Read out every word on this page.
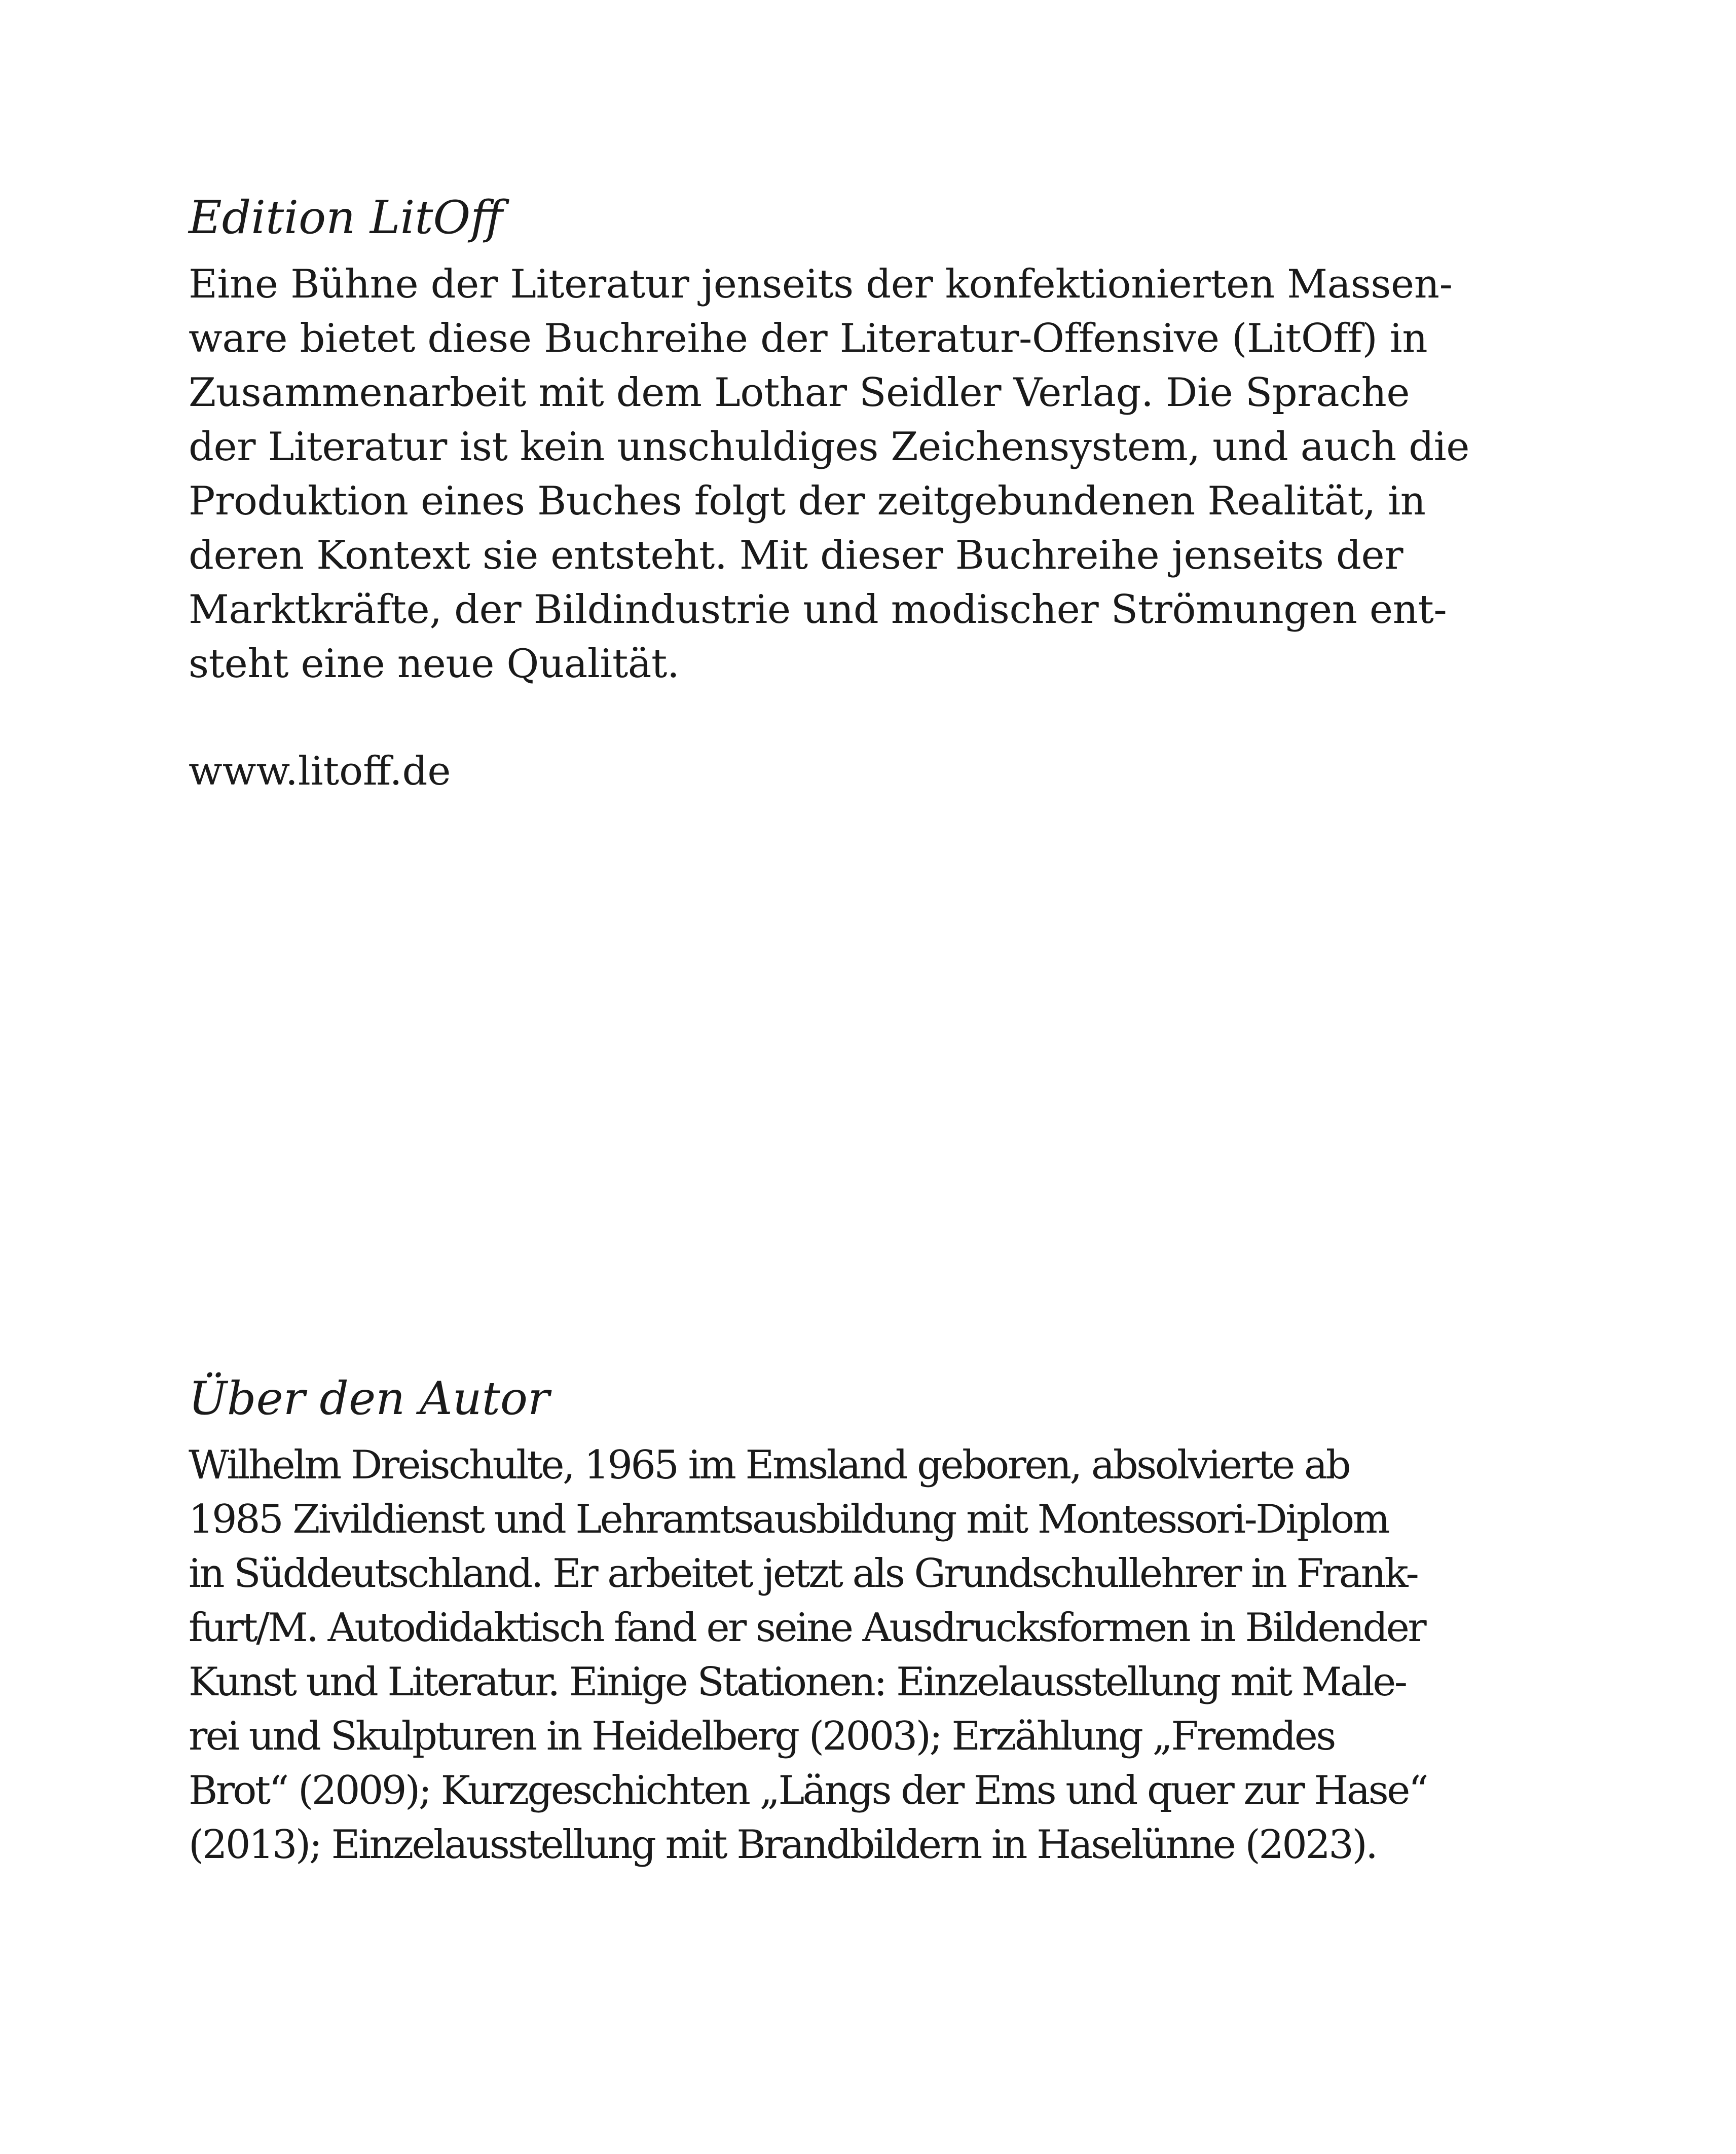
Edition LitOff

Eine Bühne der Literatur jenseits der konfektionierten Massen-
ware bietet diese Buchreihe der Literatur-Offensive (LitOff) in
Zusammenarbeit mit dem Lothar Seidler Verlag. Die Sprache
der Literatur ist kein unschuldiges Zeichensystem, und auch die
Produktion eines Buches folgt der zeitgebundenen Realität, in
deren Kontext sie entsteht. Mit dieser Buchreihe jenseits der
Marktkräfte, der Bildindustrie und modischer Strömungen ent-
steht eine neue Qualität.

www.litoff.de

Über den Autor

Wilhelm Dreischulte, 1965 im Emsland geboren, absolvierte ab
1985 Zivildienst und Lehramtsausbildung mit Montessori-Diplom
in Süddeutschland. Er arbeitet jetzt als Grundschullehrer in Frank-
furt/M. Autodidaktisch fand er seine Ausdrucksformen in Bildender
Kunst und Literatur. Einige Stationen: Einzelausstellung mit Male-
rei und Skulpturen in Heidelberg (2003); Erzählung „Fremdes
Brot“ (2009); Kurzgeschichten „Längs der Ems und quer zur Hase“
(2013); Einzelausstellung mit Brandbildern in Haselünne (2023).
